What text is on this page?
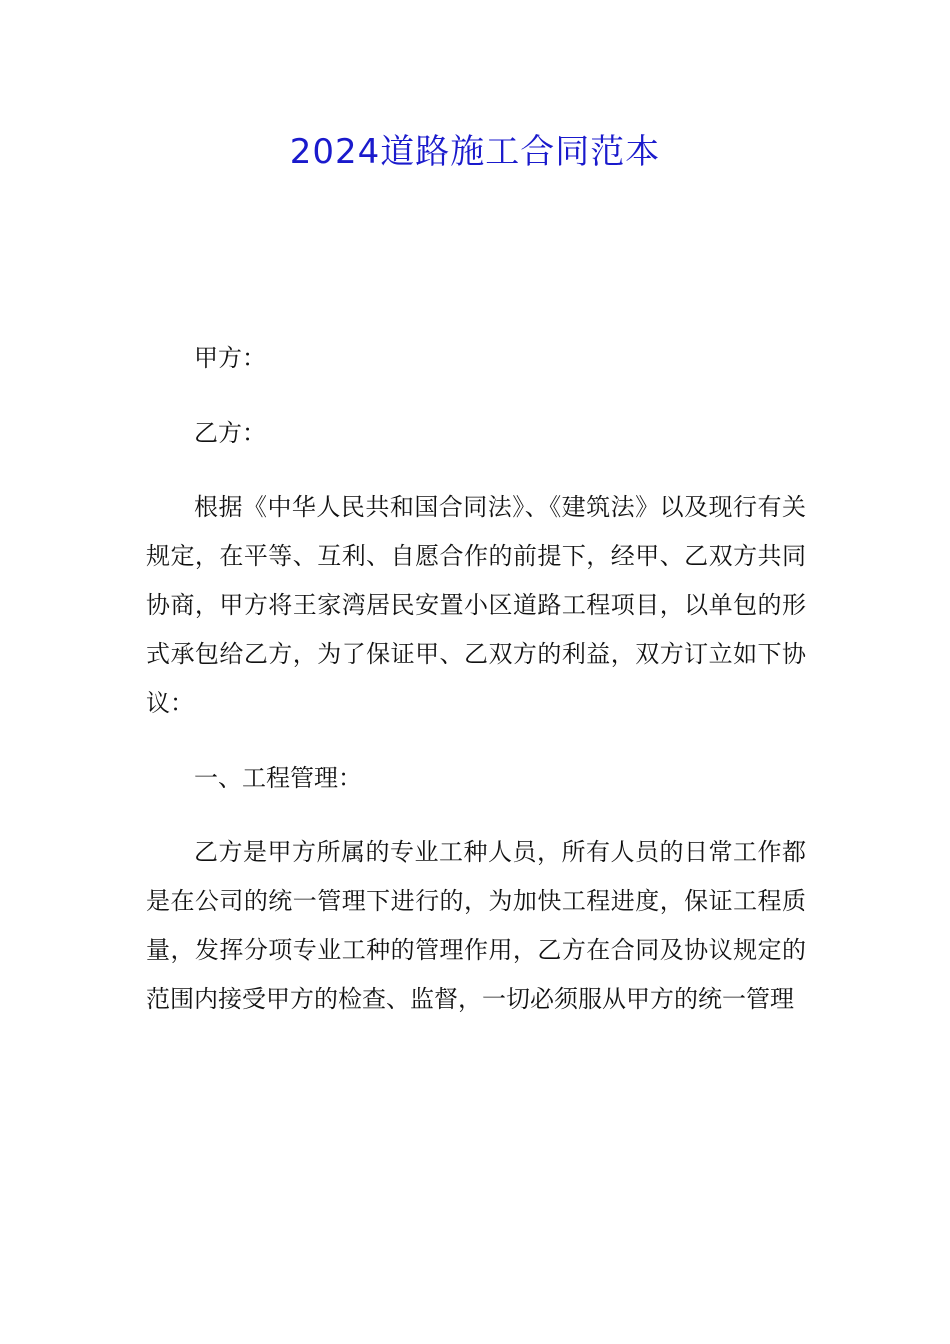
2024道路施工合同范本

甲方：

乙方：

根据《中华人民共和国合同法》、《建筑法》以及现行有关规定，在平等、互利、自愿合作的前提下，经甲、乙双方共同协商，甲方将王家湾居民安置小区道路工程项目，以单包的形式承包给乙方，为了保证甲、乙双方的利益，双方订立如下协议：

一、工程管理：

乙方是甲方所属的专业工种人员，所有人员的日常工作都是在公司的统一管理下进行的，为加快工程进度，保证工程质量，发挥分项专业工种的管理作用，乙方在合同及协议规定的范围内接受甲方的检查、监督，一切必须服从甲方的统一管理
